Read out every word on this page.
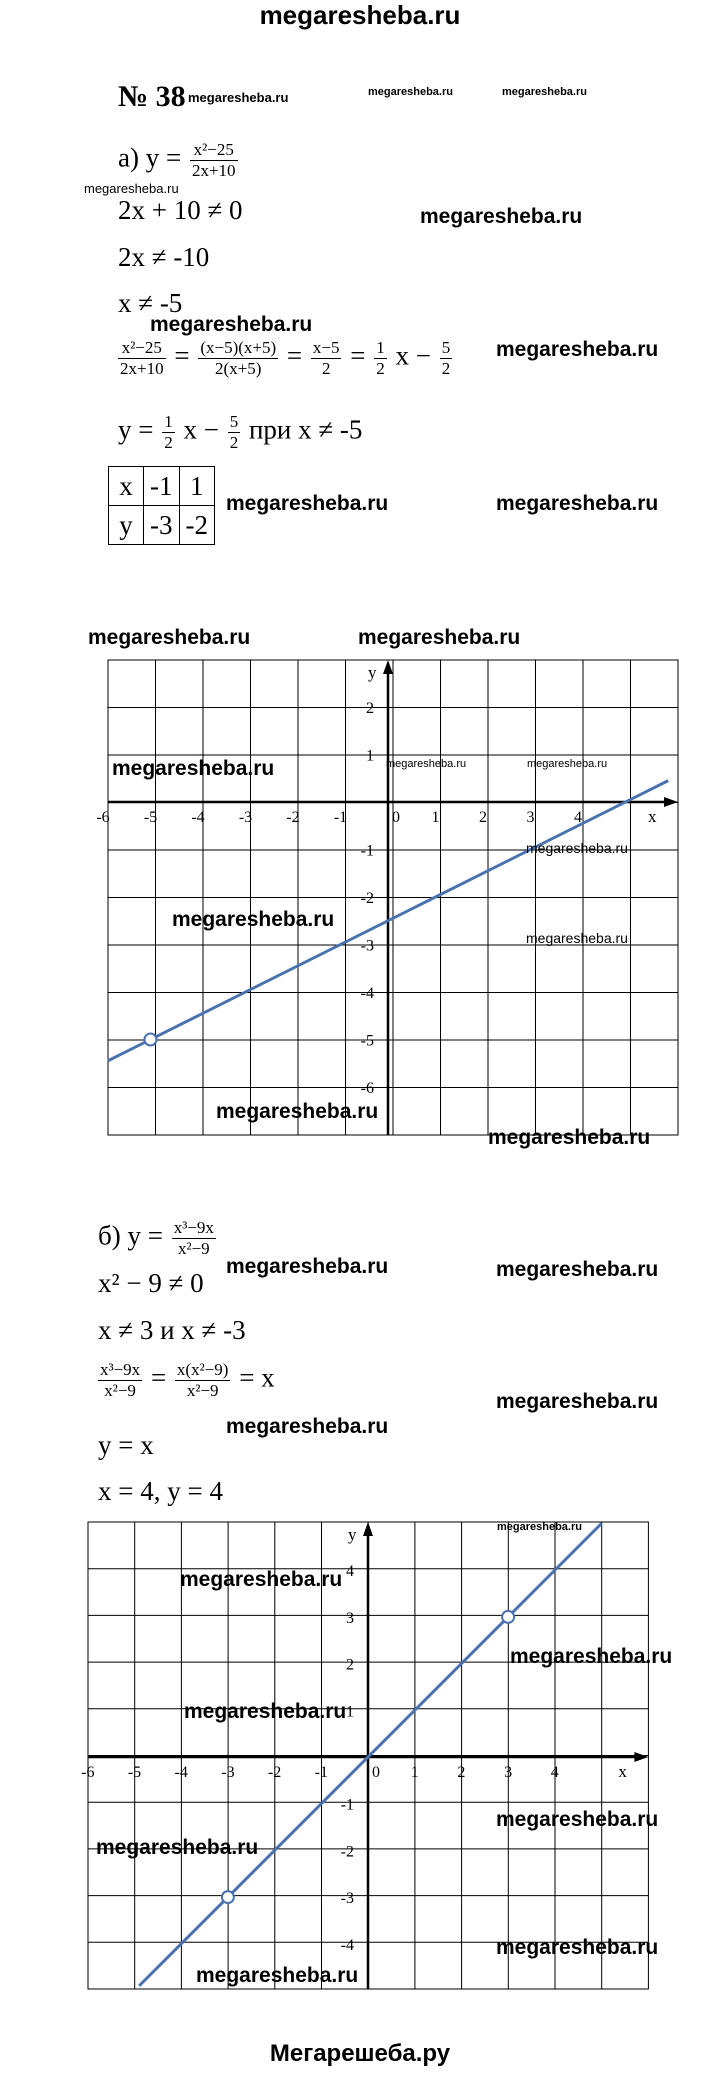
megaresheba.ru
№ 38
а) $y = \frac{\text{x²−25}}{2x+10}$
2x + 10 ≠ 0
2x ≠ -10
x ≠ -5
$\frac{\text{x²−25}}{2x+10} = \frac{(x-5)(x+5)}{2(x+5)} = \frac{x-5}{2} = \frac{1}{2}$ $x - \frac{5}{2}$
$y = \frac{1}{2}$ $x - \frac{5}{2}$ при x ≠ -5
x	-1	1
y	-3	-2
-6 -5 -4 -3 -2 -1	0 1 2 3 4
2
1
-1
-2
-3
-4
-5
-6
x
y
-6 -5 -4 -3 -2 -1	0 1 2 3 4
4
3
2
1
-1
-2
-3
-4
x
y
б) $y = \frac{\text{x³−9x}}{\text{x²−9}}$
x² − 9 ≠ 0
x ≠ 3 и x ≠ -3
$\frac{\text{x³−9x}}{\text{x²−9}} = \frac{\text{x(x²−9)}}{\text{x²−9}} = x$
y = x
x = 4, y = 4
megaresheba.ru	megaresheba.ru	megaresheba.ru
megaresheba.ru
megaresheba.ru
megaresheba.ru
megaresheba.ru
megaresheba.ru	megaresheba.ru
megaresheba.ru	megaresheba.ru
megaresheba.ru	megaresheba.ru	megaresheba.ru
megaresheba.ru
megaresheba.ru
megaresheba.ru
megaresheba.ru
megaresheba.ru
megaresheba.ru	megaresheba.ru
megaresheba.ru
megaresheba.ru
megaresheba.ru
megaresheba.ru
megaresheba.ru
megaresheba.ru
megaresheba.ru
megaresheba.ru
megaresheba.ru
megaresheba.ru
Мегарешеба.ру
